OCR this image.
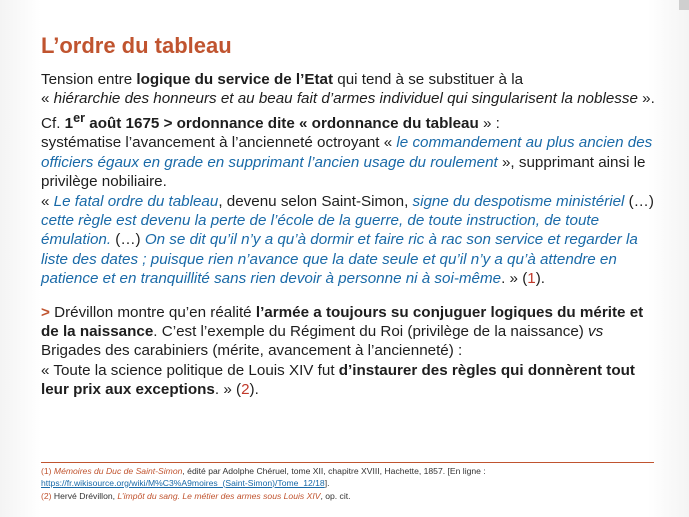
L’ordre du tableau

Tension entre logique du service de l’Etat qui tend à se substituer à la
« hiérarchie des honneurs et au beau fait d’armes individuel qui singularisent la noblesse ». Cf. 1er août 1675 > ordonnance dite « ordonnance du tableau » :
systématise l’avancement à l’ancienneté octroyant « le commandement au plus ancien des officiers égaux en grade en supprimant l’ancien usage du roulement », supprimant ainsi le privilège nobiliaire.

« Le fatal ordre du tableau, devenu selon Saint-Simon, signe du despotisme ministériel (…) cette règle est devenu la perte de l’école de la guerre, de toute instruction, de toute émulation. (…) On se dit qu’il n’y a qu’à dormir et faire ric à rac son service et regarder la liste des dates ; puisque rien n’avance que la date seule et qu’il n’y a qu’à attendre en patience et en tranquillité sans rien devoir à personne ni à soi-même. » (1).

> Drévillon montre qu’en réalité l’armée a toujours su conjuguer logiques du mérite et de la naissance. C’est l’exemple du Régiment du Roi (privilège de la naissance) vs Brigades des carabiniers (mérite, avancement à l’ancienneté) :
« Toute la science politique de Louis XIV fut d’instaurer des règles qui donnèrent tout leur prix aux exceptions. » (2).

(1) Mémoires du Duc de Saint-Simon, édité par Adolphe Chéruel, tome XII, chapitre XVIII, Hachette, 1857. [En ligne :
https://fr.wikisource.org/wiki/M%C3%A9moires_(Saint-Simon)/Tome_12/18].

(2) Hervé Drévillon, L’impôt du sang. Le métier des armes sous Louis XIV, op. cit.
